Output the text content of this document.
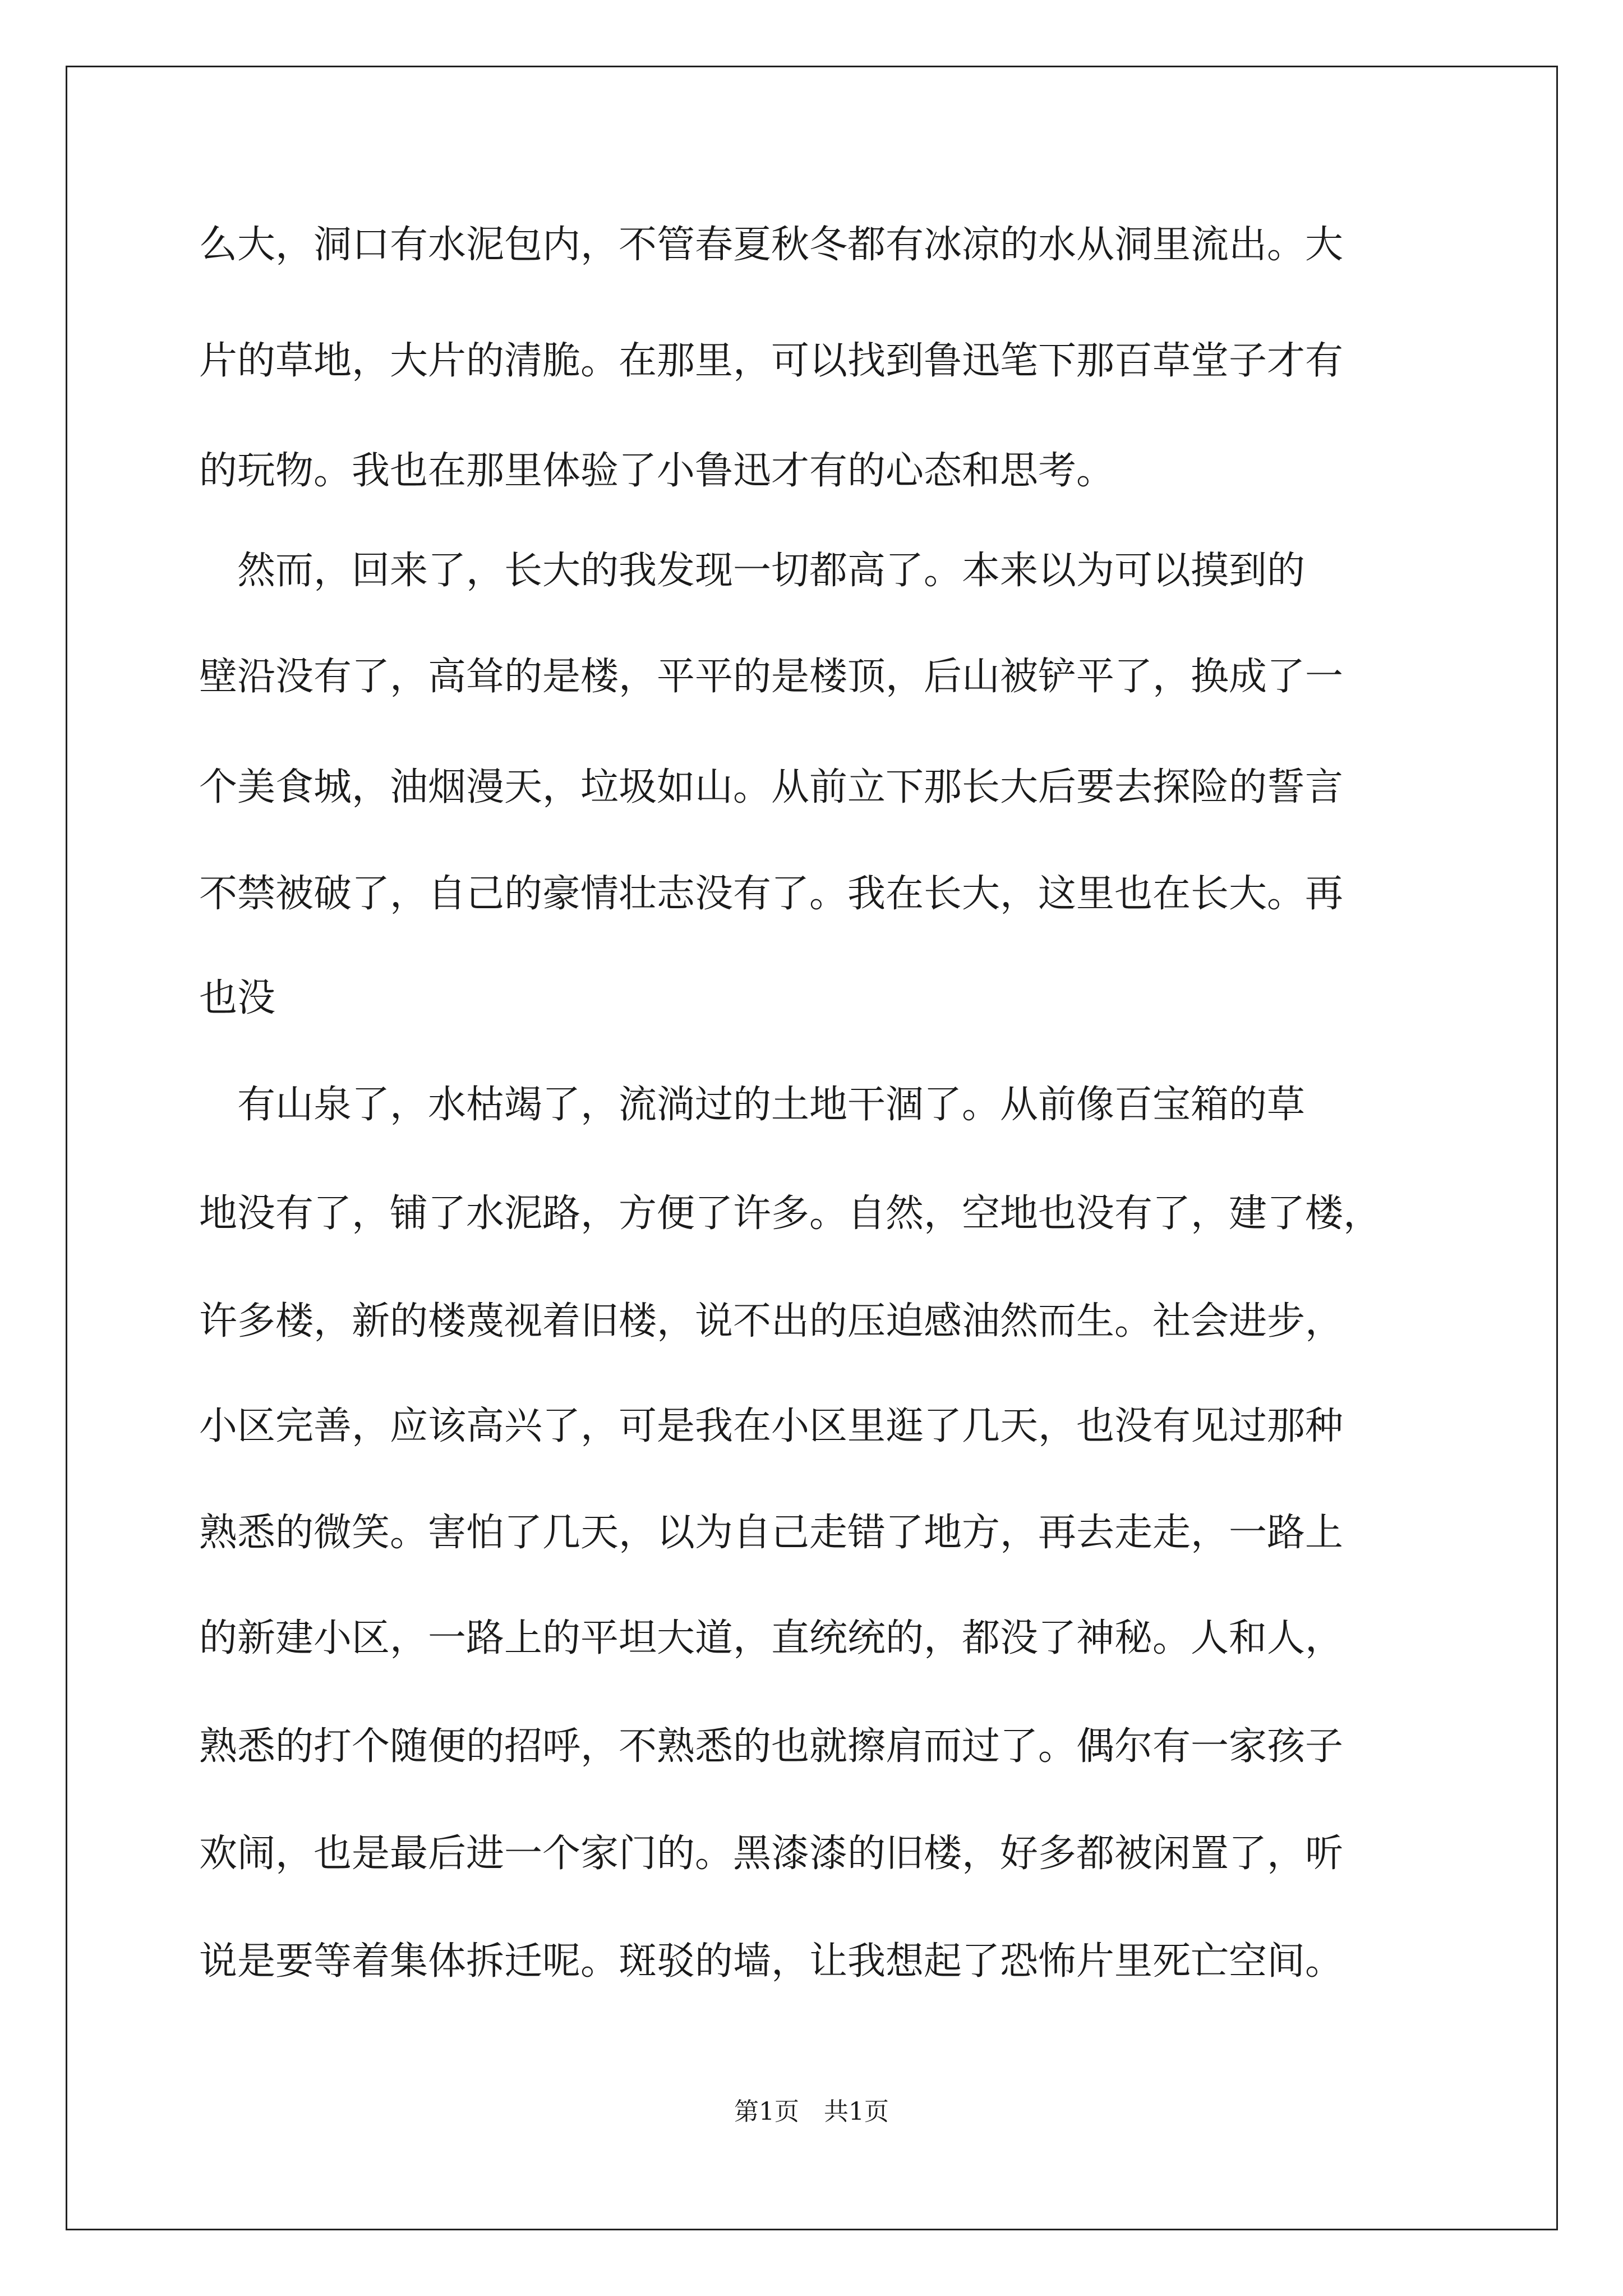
么大，洞口有水泥包内，不管春夏秋冬都有冰凉的水从洞里流出。大
片的草地，大片的清脆。在那里，可以找到鲁迅笔下那百草堂子才有
的玩物。我也在那里体验了小鲁迅才有的心态和思考。
　然而，回来了，长大的我发现一切都高了。本来以为可以摸到的
壁沿没有了，高耸的是楼，平平的是楼顶，后山被铲平了，换成了一
个美食城，油烟漫天，垃圾如山。从前立下那长大后要去探险的誓言
不禁被破了，自己的豪情壮志没有了。我在长大，这里也在长大。再
也没
　有山泉了，水枯竭了，流淌过的土地干涸了。从前像百宝箱的草
地没有了，铺了水泥路，方便了许多。自然，空地也没有了，建了楼，
许多楼，新的楼蔑视着旧楼，说不出的压迫感油然而生。社会进步，
小区完善，应该高兴了，可是我在小区里逛了几天，也没有见过那种
熟悉的微笑。害怕了几天，以为自己走错了地方，再去走走，一路上
的新建小区，一路上的平坦大道，直统统的，都没了神秘。人和人，
熟悉的打个随便的招呼，不熟悉的也就擦肩而过了。偶尔有一家孩子
欢闹，也是最后进一个家门的。黑漆漆的旧楼，好多都被闲置了，听
说是要等着集体拆迁呢。斑驳的墙，让我想起了恐怖片里死亡空间。
第1页　共1页
